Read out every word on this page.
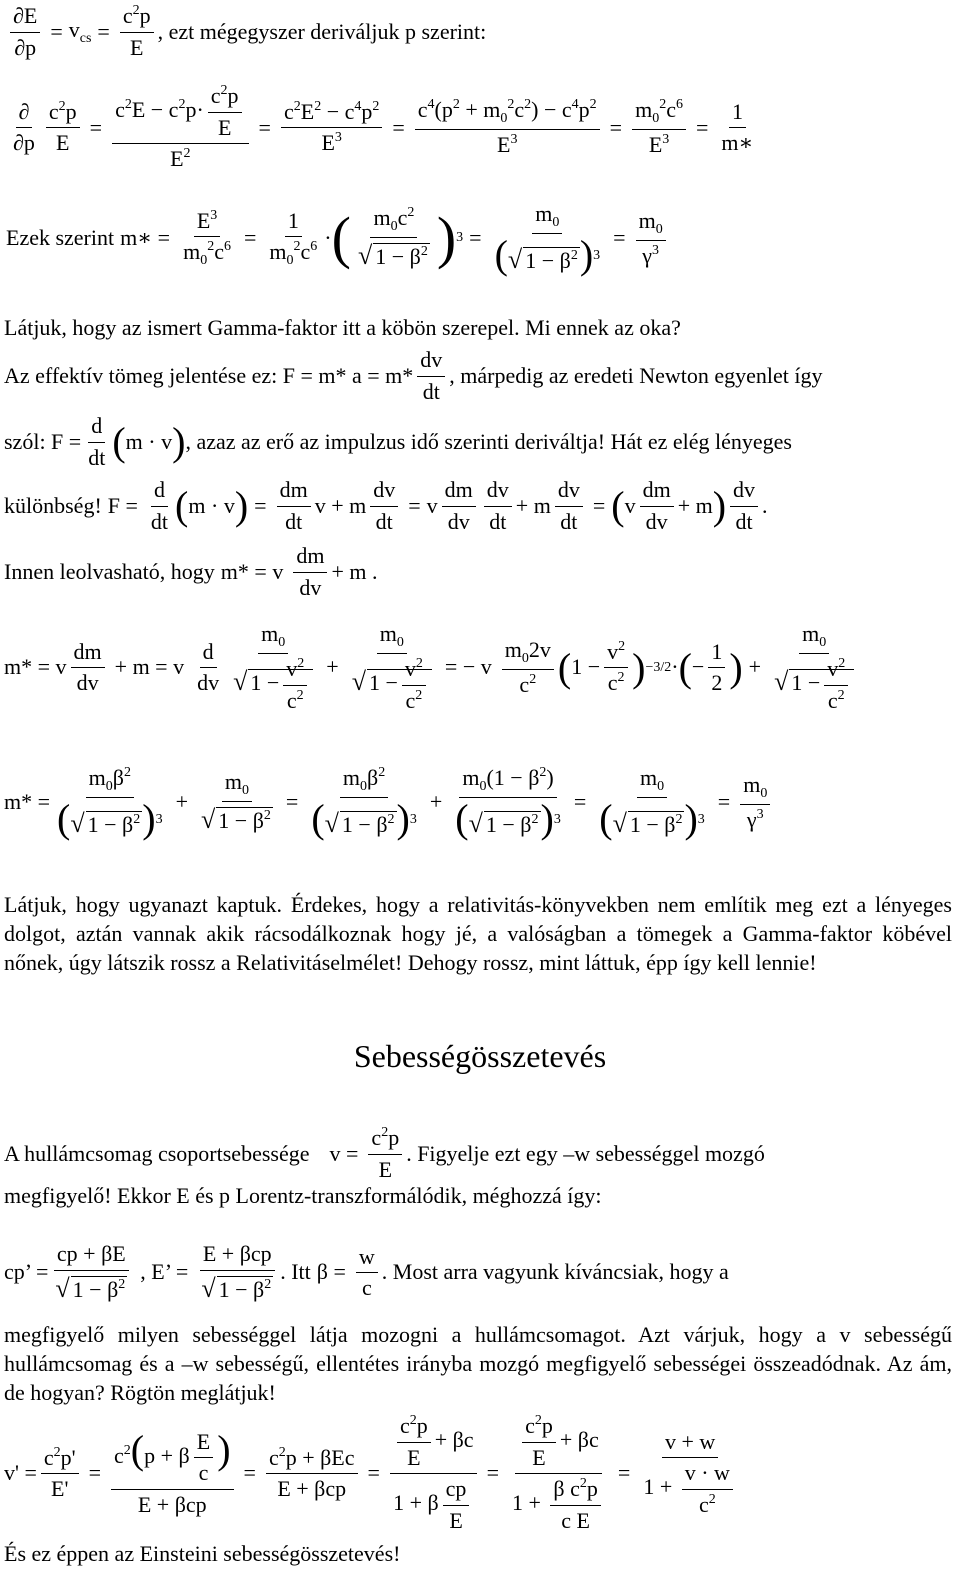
$\frac{\partial E}{\partial p} = v_{cs} = \frac{c^2p}{E}$ , ezt mégegyszer deriváljuk p szerint:
$\frac{\partial}{\partial p} \frac{c^2p}{E} = \frac{c^2E - c^2p\cdot \frac{c^2p}{E}}{E^2} = \frac{c^2E^2 - c^4p^2}{E^3} = \frac{c^4(p^2 + m_0^2c^2) - c^4p^2}{E^3} = \frac{m_0^2c^6}{E^3} = \frac{1}{m∗}$
Ezek szerint m∗ = $\frac{E^3}{m_0^2c^6} = \frac{1}{m_0^2c^6}$ · ( $\frac{m_0c^2}{√ 1 - \beta^2}$ ) $3 = \frac{m_0}{(√ 1 - \beta^2)^3} = \frac{m_0}{\gamma^3}$
Látjuk, hogy az ismert Gamma-faktor itt a köbön szerepel. Mi ennek az oka?
Az effektív tömeg jelentése ez: F = m* $a = m* \frac{dv}{dt}$ , márpedig az eredeti Newton egyenlet így
szól: $F = \frac{d}{dt}$ ( m · v ) , azaz az erő az impulzus idő szerinti deriváltja! Hát ez elég lényeges
különbség! $F = \frac{d}{dt}$ ( m · v ) = $\frac{dm}{dt}$ v + m $\frac{dv}{dt} = v \frac{dm}{dv} \frac{dv}{dt} + m \frac{dv}{dt}$ = ( v $\frac{dm}{dv} + m$ ) $\frac{dv}{dt}$ .
Innen leolvasható, hogy m* = v $\frac{dm}{dv} + m$ .
m* = v $\frac{dm}{dv} + m = v \frac{d}{dv} \frac{m_0}{√ 1 - \frac{v^2}{c^2}} + \frac{m_0}{√ 1 - \frac{v^2}{c^2}}$ = − v $\frac{m_02v}{c^2}$ ( $1 - \frac{v^2}{c^2}$ ) −3/2 · ( − $\frac{1}{2}$ ) + $\frac{m_0}{√ 1 - \frac{v^2}{c^2}}$
$m* = \frac{m_0\beta^2}{(√ 1 - \beta^2)^3} + \frac{m_0}{√ 1 - \beta^2} = \frac{m_0\beta^2}{(√ 1 - \beta^2)^3} + \frac{m_0(1 - \beta^2)}{(√ 1 - \beta^2)^3} = \frac{m_0}{(√ 1 - \beta^2)^3} = \frac{m_0}{\gamma^3}$
Látjuk, hogy ugyanazt kaptuk. Érdekes, hogy a relativitás-könyvekben nem említik meg ezt a lényeges dolgot, aztán vannak akik rácsodálkoznak hogy jé, a valóságban a tömegek a Gamma-faktor köbével nőnek, úgy látszik rossz a Relativitáselmélet! Dehogy rossz, mint láttuk, épp így kell lennie!
Sebességösszetevés
A hullámcsomag csoportsebessége $v = \frac{c^2p}{E}$ . Figyelje ezt egy –w sebességgel mozgó
megfigyelő! Ekkor E és p Lorentz-transzformálódik, méghozzá így:
cp’ = $\frac{cp + \beta E}{√ 1 - \beta^2}$ , E’ = $\frac{\text{E + βcp}}{√ 1 - \beta^2}$ . Itt $\beta = \frac{w}{c}$ . Most arra vagyunk kíváncsiak, hogy a
megfigyelő milyen sebességgel látja mozogni a hullámcsomagot. Azt várjuk, hogy a v sebességű hullámcsomag és a –w sebességű, ellentétes irányba mozgó megfigyelő sebességei összeadódnak. Az ám, de hogyan? Rögtön meglátjuk!
$v' = \frac{c^2p'}{E'} = \frac{c^2(p + \beta \frac{E}{c} )}{\text{E + βcp}} = \frac{c^2p + \beta Ec}{\text{E + βcp}} = \frac{\frac{c^2p}{E} + \beta c}{1 + \beta \frac{cp}{E}} = \frac{\frac{c^2p}{E} + \beta c}{1 + \frac{\beta c^2p}{\text{c E}}} = \frac{v + w}{1 + \frac{v \cdot w}{c^2}}$
És ez éppen az Einsteini sebességösszetevés!
